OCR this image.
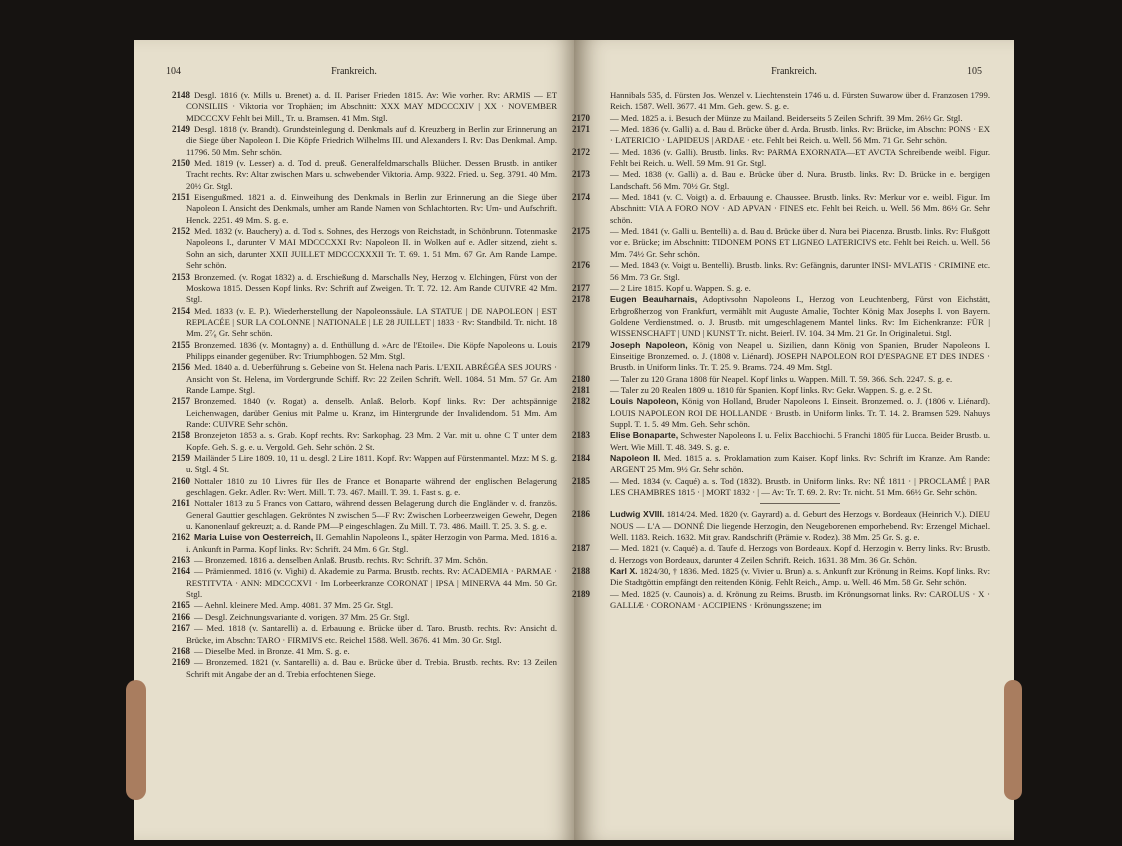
104	Frankreich.
2148 Desgl. 1816 (v. Mills u. Brenet) a. d. II. Pariser Frieden 1815. Av: Wie vorher. Rv: ARMIS — ET CONSILIIS · Viktoria vor Trophäen; im Abschnitt: XXX MAY MDCCCXIV | XX · NOVEMBER MDCCCXV Fehlt bei Mill., Tr. u. Bramsen. 41 Mm. Stgl.
2149 Desgl. 1818 (v. Brandt). Grundsteinlegung d. Denkmals auf d. Kreuzberg in Berlin zur Erinnerung an die Siege über Napoleon I. Die Köpfe Friedrich Wilhelms III. und Alexanders I. Rv: Das Denkmal. Amp. 11796. 50 Mm. Sehr schön.
2150 Med. 1819 (v. Lesser) a. d. Tod d. preuß. Generalfeldmarschalls Blücher. Dessen Brustb. in antiker Tracht rechts. Rv: Altar zwischen Mars u. schwebender Viktoria. Amp. 9322. Fried. u. Seg. 3791. 40 Mm. 20½ Gr. Stgl.
2151 Eisengußmed. 1821 a. d. Einweihung des Denkmals in Berlin zur Erinnerung an die Siege über Napoleon I. Ansicht des Denkmals, umher am Rande Namen von Schlachtorten. Rv: Um- und Aufschrift. Henck. 2251. 49 Mm. S. g. e.
2152 Med. 1832 (v. Bauchery) a. d. Tod s. Sohnes, des Herzogs von Reichstadt, in Schönbrunn. Totenmaske Napoleons I., darunter V MAI MDCCCXXI Rv: Napoleon II. in Wolken auf e. Adler sitzend, zieht s. Sohn an sich, darunter XXII JUILLET MDCCCXXXII Tr. T. 69. 1. 51 Mm. 67 Gr. Am Rande Lampe. Sehr schön.
2153 Bronzemed. (v. Rogat 1832) a. d. Erschießung d. Marschalls Ney, Herzog v. Elchingen, Fürst von der Moskowa 1815. Dessen Kopf links. Rv: Schrift auf Zweigen. Tr. T. 72. 12. Am Rande CUIVRE 42 Mm. Stgl.
2154 Med. 1833 (v. E. P.). Wiederherstellung der Napoleonssäule. LA STATUE | DE NAPOLEON | EST REPLACÉE | SUR LA COLONNE | NATIONALE | LE 28 JUILLET | 1833 · Rv: Standbild. Tr. nicht. 18 Mm. 2⁷⁄₈ Gr. Sehr schön.
2155 Bronzemed. 1836 (v. Montagny) a. d. Enthüllung d. »Arc de l'Etoile«. Die Köpfe Napoleons u. Louis Philipps einander gegenüber. Rv: Triumphbogen. 52 Mm. Stgl.
2156 Med. 1840 a. d. Ueberführung s. Gebeine von St. Helena nach Paris. L'EXIL ABRÉGÉA SES JOURS · Ansicht von St. Helena, im Vordergrunde Schiff. Rv: 22 Zeilen Schrift. Well. 1084. 51 Mm. 57 Gr. Am Rande Lampe. Stgl.
2157 Bronzemed. 1840 (v. Rogat) a. denselb. Anlaß. Belorb. Kopf links. Rv: Der achtspännige Leichenwagen, darüber Genius mit Palme u. Kranz, im Hintergrunde der Invalidendom. 51 Mm. Am Rande: CUIVRE Sehr schön.
2158 Bronzejeton 1853 a. s. Grab. Kopf rechts. Rv: Sarkophag. 23 Mm. 2 Var. mit u. ohne C T unter dem Kopfe. Geh. S. g. e. u. Vergold. Geh. Sehr schön. 2 St.
2159 Mailänder 5 Lire 1809. 10, 11 u. desgl. 2 Lire 1811. Kopf. Rv: Wappen auf Fürstenmantel. Mzz: M S. g. u. Stgl. 4 St.
2160 Nottaler 1810 zu 10 Livres für Iles de France et Bonaparte während der englischen Belagerung geschlagen. Gekr. Adler. Rv: Wert. Mill. T. 73. 467. Maill. T. 39. 1. Fast s. g. e.
2161 Nottaler 1813 zu 5 Francs von Cattaro, während dessen Belagerung durch die Engländer v. d. französ. General Gauttier geschlagen. Gekröntes N zwischen 5—F Rv: Zwischen Lorbeerzweigen Gewehr, Degen u. Kanonenlauf gekreuzt; a. d. Rande PM—P eingeschlagen. Zu Mill. T. 73. 486. Maill. T. 25. 3. S. g. e.
2162 Maria Luise von Oesterreich, II. Gemahlin Napoleons I., später Herzogin von Parma. Med. 1816 a. i. Ankunft in Parma. Kopf links. Rv: Schrift. 24 Mm. 6 Gr. Stgl.
2163 — Bronzemed. 1816 a. denselben Anlaß. Brustb. rechts. Rv: Schrift. 37 Mm. Schön.
2164 — Prämienmed. 1816 (v. Vighi) d. Akademie zu Parma. Brustb. rechts. Rv: ACADEMIA · PARMAE · RESTITVTA · ANN: MDCCCXVI · Im Lorbeerkranze CORONAT | IPSA | MINERVA 44 Mm. 50 Gr. Stgl.
2165 — Aehnl. kleinere Med. Amp. 4081. 37 Mm. 25 Gr. Stgl.
2166 — Desgl. Zeichnungsvariante d. vorigen. 37 Mm. 25 Gr. Stgl.
2167 — Med. 1818 (v. Santarelli) a. d. Erbauung e. Brücke über d. Taro. Brustb. rechts. Rv: Ansicht d. Brücke, im Abschn: TARO · FIRMIVS etc. Reichel 1588. Well. 3676. 41 Mm. 30 Gr. Stgl.
2168 — Dieselbe Med. in Bronze. 41 Mm. S. g. e.
2169 — Bronzemed. 1821 (v. Santarelli) a. d. Bau e. Brücke über d. Trebia. Brustb. rechts. Rv: 13 Zeilen Schrift mit Angabe der an d. Trebia erfochtenen Siege.
Frankreich.	105
Hannibals 535, d. Fürsten Jos. Wenzel v. Liechtenstein 1746 u. d. Fürsten Suwarow über d. Franzosen 1799. Reich. 1587. Well. 3677. 41 Mm. Geh. gew. S. g. e.
2170	— Med. 1825 a. i. Besuch der Münze zu Mailand. Beiderseits 5 Zeilen Schrift. 39 Mm. 26½ Gr. Stgl.
2171	— Med. 1836 (v. Galli) a. d. Bau d. Brücke über d. Arda. Brustb. links. Rv: Brücke, im Abschn: PONS · EX · LATERICIO · LAPIDEUS | ARDAE · etc. Fehlt bei Reich. u. Well. 56 Mm. 71 Gr. Sehr schön.
2172	— Med. 1836 (v. Galli). Brustb. links. Rv: PARMA EXORNATA—ET AVCTA Schreibende weibl. Figur. Fehlt bei Reich. u. Well. 59 Mm. 91 Gr. Stgl.
2173	— Med. 1838 (v. Galli) a. d. Bau e. Brücke über d. Nura. Brustb. links. Rv: D. Brücke in e. bergigen Landschaft. 56 Mm. 70½ Gr. Stgl.
2174	— Med. 1841 (v. C. Voigt) a. d. Erbauung e. Chaussee. Brustb. links. Rv: Merkur vor e. weibl. Figur. Im Abschnitt: VIA A FORO NOV · AD APVAN · FINES etc. Fehlt bei Reich. u. Well. 56 Mm. 86½ Gr. Sehr schön.
2175	— Med. 1841 (v. Galli u. Bentelli) a. d. Bau d. Brücke über d. Nura bei Piacenza. Brustb. links. Rv: Flußgott vor e. Brücke; im Abschnitt: TIDONEM PONS ET LIGNEO LATERICIVS etc. Fehlt bei Reich. u. Well. 56 Mm. 74½ Gr. Sehr schön.
2176	— Med. 1843 (v. Voigt u. Bentelli). Brustb. links. Rv: Gefängnis, darunter INSI- MVLATIS · CRIMINE etc. 56 Mm. 73 Gr. Stgl.
2177	— 2 Lire 1815. Kopf u. Wappen. S. g. e.
2178	Eugen Beauharnais, Adoptivsohn Napoleons I., Herzog von Leuchtenberg, Fürst von Eichstätt, Erbgroßherzog von Frankfurt, vermählt mit Auguste Amalie, Tochter König Max Josephs I. von Bayern. Goldene Verdienstmed. o. J. Brustb. mit umgeschlagenem Mantel links. Rv: Im Eichenkranze: FÜR | WISSENSCHAFT | UND | KUNST Tr. nicht. Beierl. IV. 104. 34 Mm. 21 Gr. In Originaletui. Stgl.
2179	Joseph Napoleon, König von Neapel u. Sizilien, dann König von Spanien, Bruder Napoleons I. Einseitige Bronzemed. o. J. (1808 v. Liénard). JOSEPH NAPOLEON ROI D'ESPAGNE ET DES INDES · Brustb. in Uniform links. Tr. T. 25. 9. Brams. 724. 49 Mm. Stgl.
2180	— Taler zu 120 Grana 1808 für Neapel. Kopf links u. Wappen. Mill. T. 59. 366. Sch. 2247. S. g. e.
2181	— Taler zu 20 Realen 1809 u. 1810 für Spanien. Kopf links. Rv: Gekr. Wappen. S. g. e. 2 St.
2182	Louis Napoleon, König von Holland, Bruder Napoleons I. Einseit. Bronzemed. o. J. (1806 v. Liénard). LOUIS NAPOLEON ROI DE HOLLANDE · Brustb. in Uniform links. Tr. T. 14. 2. Bramsen 529. Nahuys Suppl. T. 1. 5. 49 Mm. Geh. Sehr schön.
2183	Elise Bonaparte, Schwester Napoleons I. u. Felix Bacchiochi. 5 Franchi 1805 für Lucca. Beider Brustb. u. Wert. Wie Mill. T. 48. 349. S. g. e.
2184	Napoleon II. Med. 1815 a. s. Proklamation zum Kaiser. Kopf links. Rv: Schrift im Kranze. Am Rande: ARGENT 25 Mm. 9½ Gr. Sehr schön.
2185	— Med. 1834 (v. Caqué) a. s. Tod (1832). Brustb. in Uniform links. Rv: NÉ 1811 · | PROCLAMÉ | PAR LES CHAMBRES 1815 · | MORT 1832 · | — Av: Tr. T. 69. 2. Rv: Tr. nicht. 51 Mm. 66½ Gr. Sehr schön.
2186	Ludwig XVIII. 1814/24. Med. 1820 (v. Gayrard) a. d. Geburt des Herzogs v. Bordeaux (Heinrich V.). DIEU NOUS — L'A — DONNÉ Die liegende Herzogin, den Neugeborenen emporhebend. Rv: Erzengel Michael. Well. 1183. Reich. 1632. Mit grav. Randschrift (Prämie v. Rodez). 38 Mm. 25 Gr. S. g. e.
2187	— Med. 1821 (v. Caqué) a. d. Taufe d. Herzogs von Bordeaux. Kopf d. Herzogin v. Berry links. Rv: Brustb. d. Herzogs von Bordeaux, darunter 4 Zeilen Schrift. Reich. 1631. 38 Mm. 36 Gr. Schön.
2188	Karl X. 1824/30, † 1836. Med. 1825 (v. Vivier u. Brun) a. s. Ankunft zur Krönung in Reims. Kopf links. Rv: Die Stadtgöttin empfängt den reitenden König. Fehlt Reich., Amp. u. Well. 46 Mm. 58 Gr. Sehr schön.
2189	— Med. 1825 (v. Caunois) a. d. Krönung zu Reims. Brustb. im Krönungsornat links. Rv: CAROLUS · X · GALLIÆ · CORONAM · ACCIPIENS · Krönungsszene; im
